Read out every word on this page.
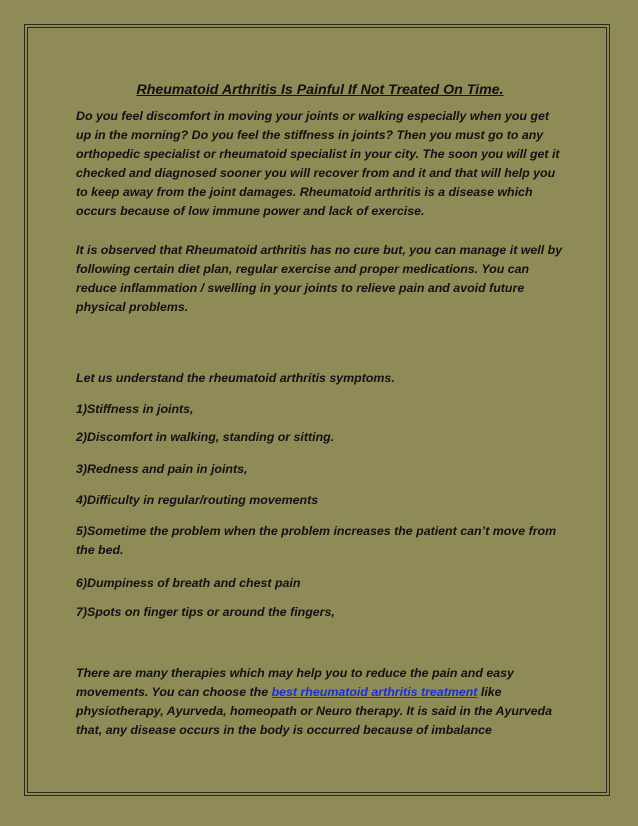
Rheumatoid Arthritis Is Painful If Not Treated On Time.

Do you feel discomfort in moving your joints or walking especially when you get up in the morning? Do you feel the stiffness in joints? Then you must go to any orthopedic specialist or rheumatoid specialist in your city. The soon you will get it checked and diagnosed sooner you will recover from and it and that will help you to keep away from the joint damages. Rheumatoid arthritis is a disease which occurs because of low immune power and lack of exercise.

It is observed that Rheumatoid arthritis has no cure but, you can manage it well by following certain diet plan, regular exercise and proper medications. You can reduce inflammation / swelling in your joints to relieve pain and avoid future physical problems.

Let us understand the rheumatoid arthritis symptoms.

1)Stiffness in joints,

2)Discomfort in walking, standing or sitting.

3)Redness and pain in joints,

4)Difficulty in regular/routing movements

5)Sometime the problem when the problem increases the patient can’t move from the bed.

6)Dumpiness of breath and chest pain

7)Spots on finger tips or around the fingers,

There are many therapies which may help you to reduce the pain and easy movements. You can choose the best rheumatoid arthritis treatment like physiotherapy, Ayurveda, homeopath or Neuro therapy. It is said in the Ayurveda that, any disease occurs in the body is occurred because of imbalance
